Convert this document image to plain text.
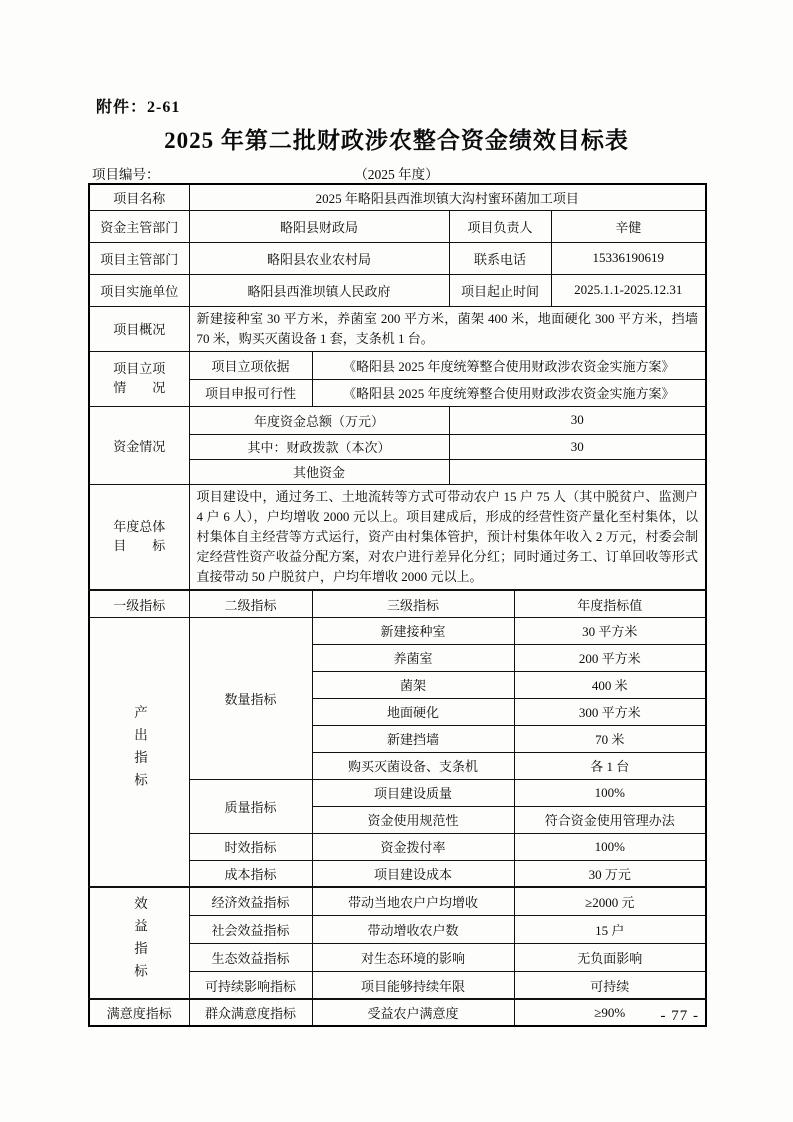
附件：2-61
2025 年第二批财政涉农整合资金绩效目标表
项目编号：	（2025 年度）
项目名称	2025 年略阳县西淮坝镇大沟村蜜环菌加工项目				
资金主管部门	略阳县财政局		项目负责人		辛健
项目主管部门	略阳县农业农村局		联系电话		15336190619
项目实施单位	略阳县西淮坝镇人民政府		项目起止时间		2025.1.1-2025.12.31
项目概况	新建接种室 30 平方米，养菌室 200 平方米，菌架 400 米，地面硬化 300 平方米，挡墙 70 米，购买灭菌设备 1 套，支条机 1 台。				

项目立项
情　　况	项目立项依据	《略阳县 2025 年度统筹整合使用财政涉农资金实施方案》			
	项目申报可行性	《略阳县 2025 年度统筹整合使用财政涉农资金实施方案》			
资金情况	年度资金总额（万元）		30		
	其中：财政拨款（本次）		30		
	其他资金				

年度总体
目　　标	项目建设中，通过务工、土地流转等方式可带动农户 15 户 75 人（其中脱贫户、监测户 4 户 6 人），户均增收 2000 元以上。项目建成后，形成的经营性资产量化至村集体，以村集体自主经营等方式运行，资产由村集体管护，预计村集体年收入 2 万元，村委会制定经营性资产收益分配方案，对农户进行差异化分红；同时通过务工、订单回收等形式直接带动 50 户脱贫户，户均年增收 2000 元以上。				
一级指标	二级指标	三级指标		年度指标值	
产出指标	数量指标	新建接种室		30 平方米	
		养菌室		200 平方米	
		菌架		400 米	
		地面硬化		300 平方米	
		新建挡墙		70 米	
		购买灭菌设备、支条机		各 1 台	
	质量指标	项目建设质量		100%	
		资金使用规范性		符合资金使用管理办法	
	时效指标	资金拨付率		100%	
	成本指标	项目建设成本		30 万元	
效益指标	经济效益指标	带动当地农户户均增收		≥2000 元	
	社会效益指标	带动增收农户数		15 户	
	生态效益指标	对生态环境的影响		无负面影响	
	可持续影响指标	项目能够持续年限		可持续	
满意度指标	群众满意度指标	受益农户满意度		≥90%		- 77 -
